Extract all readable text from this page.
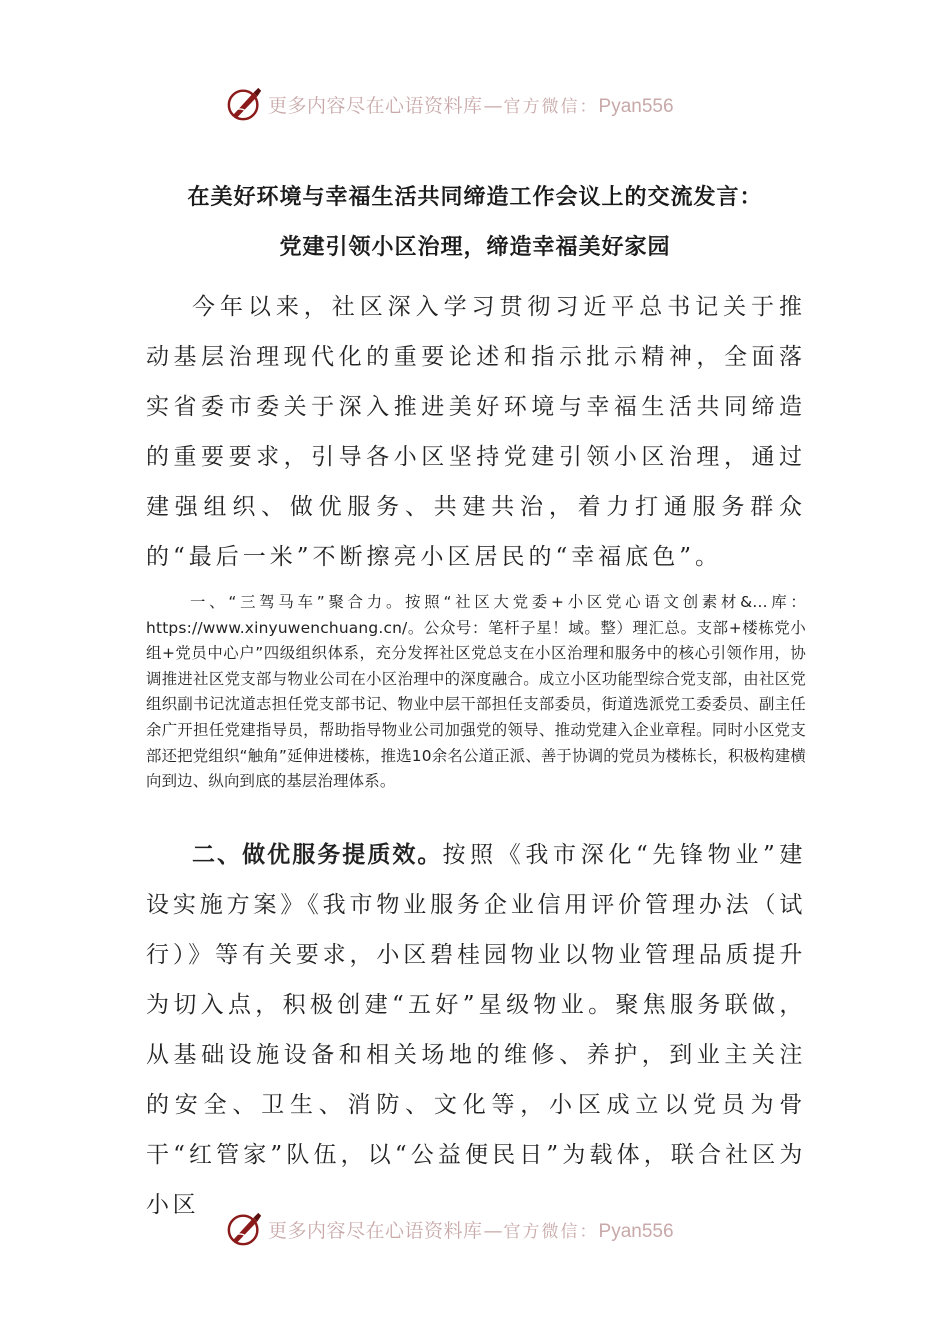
更多内容尽在心语资料库 — 官方微信： Pyan556
在美好环境与幸福生活共同缔造工作会议上的交流发言：
党建引领小区治理，缔造幸福美好家园

今年以来，社区深入学习贯彻习近平总书记关于推动基层治理现代化的重要论述和指示批示精神，全面落实省委市委关于深入推进美好环境与幸福生活共同缔造的重要要求，引导各小区坚持党建引领小区治理，通过建强组织、做优服务、共建共治，着力打通服务群众的“最后一米”不断擦亮小区居民的“幸福底色”。

一、“三驾马车”聚合力。按照“社区大党委+小区党心语文创素材&...库：https://www.xinyuwenchuang.cn/。公众号：笔杆子星！域。整）理汇总。支部+楼栋党小组+党员中心户”四级组织体系，充分发挥社区党总支在小区治理和服务中的核心引领作用，协调推进社区党支部与物业公司在小区治理中的深度融合。成立小区功能型综合党支部，由社区党组织副书记沈道志担任党支部书记、物业中层干部担任支部委员，街道选派党工委委员、副主任余广开担任党建指导员，帮助指导物业公司加强党的领导、推动党建入企业章程。同时小区党支部还把党组织“触角”延伸进楼栋，推选10余名公道正派、善于协调的党员为楼栋长，积极构建横向到边、纵向到底的基层治理体系。

二、做优服务提质效。按照《我市深化“先锋物业”建设实施方案》《我市物业服务企业信用评价管理办法（试行）》等有关要求，小区碧桂园物业以物业管理品质提升为切入点，积极创建“五好”星级物业。聚焦服务联做，从基础设施设备和相关场地的维修、养护，到业主关注的安全、卫生、消防、文化等，小区成立以党员为骨干“红管家”队伍，以“公益便民日”为载体，联合社区为小区

更多内容尽在心语资料库 — 官方微信： Pyan556
